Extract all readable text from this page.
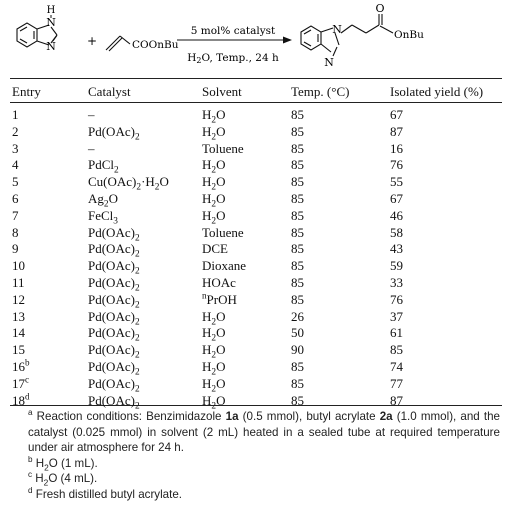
H
N
N	+	COOnBu
5 mol% catalyst
H2O, Temp., 24 h
N
N
O
OnBu
Entry	Catalyst	Solvent	Temp. (°C)	Isolated yield (%)
1	–	$H_2O$	85	67
2	$Pd(OAc)_2$	$H_2O$	85	87
3	–	Toluene	85	16
4	PdCl$_2$	$H_2O$	85	76
5	$Cu(OAc)_2\cdot H_2O$	$H_2O$	85	55
6	$Ag_2O$	$H_2O$	85	67
7	FeCl$_3$	$H_2O$	85	46
8	$Pd(OAc)_2$	Toluene	85	58
9	$Pd(OAc)_2$	DCE	85	43
10	$Pd(OAc)_2$	Dioxane	85	59
11	$Pd(OAc)_2$	HOAc	85	33
12	$Pd(OAc)_2$	$^n$PrOH	85	76
13	$Pd(OAc)_2$	$H_2O$	26	37
14	$Pd(OAc)_2$	$H_2O$	50	61
15	$Pd(OAc)_2$	$H_2O$	90	85
16$^b$	$Pd(OAc)_2$	$H_2O$	85	74
17$^c$	$Pd(OAc)_2$	$H_2O$	85	77
18$^d$	$Pd(OAc)_2$	$H_2O$	85	87

$^a$ Reaction conditions: Benzimidazole 1a (0.5 mmol), butyl acrylate 2a (1.0 mmol), and the catalyst (0.025 mmol) in solvent (2 mL) heated in a sealed tube at required temperature under air atmosphere for 24 h.

$^b$ $H_2O$ (1 mL).

$^c$ $H_2O$ (4 mL).

$^d$ Fresh distilled butyl acrylate.
